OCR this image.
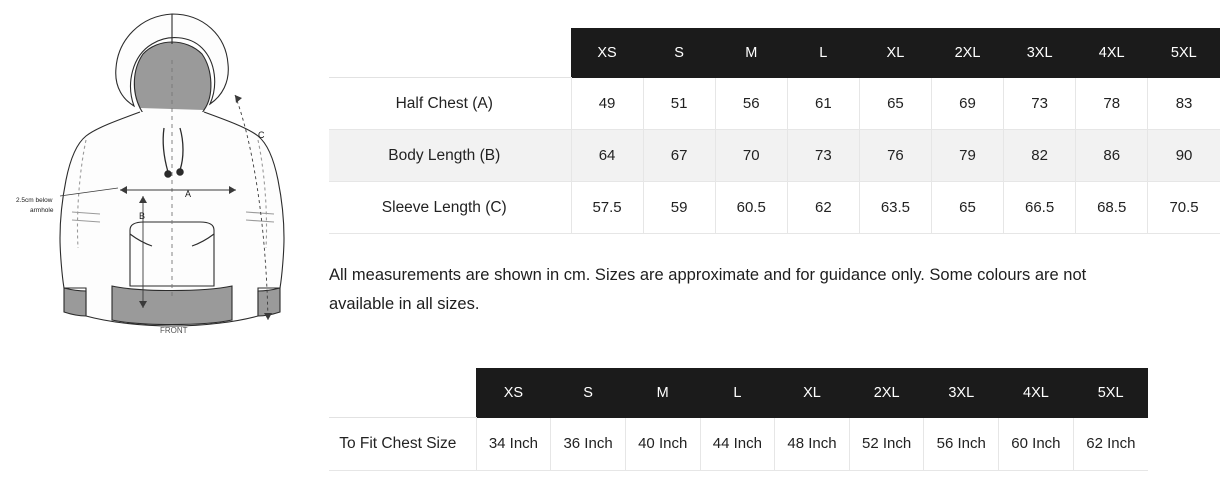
A
B
C
2.5cm below
armhole
FRONT
	XS	S	M	L	XL	2XL	3XL	4XL	5XL
Half Chest (A)	49	51	56	61	65	69	73	78	83
Body Length (B)	64	67	70	73	76	79	82	86	90
Sleeve Length (C)	57.5	59	60.5	62	63.5	65	66.5	68.5	70.5

All measurements are shown in cm. Sizes are approximate and for guidance only. Some colours are not available in all sizes.

	XS	S	M	L	XL	2XL	3XL	4XL	5XL
To Fit Chest Size	34 Inch	36 Inch	40 Inch	44 Inch	48 Inch	52 Inch	56 Inch	60 Inch	62 Inch
